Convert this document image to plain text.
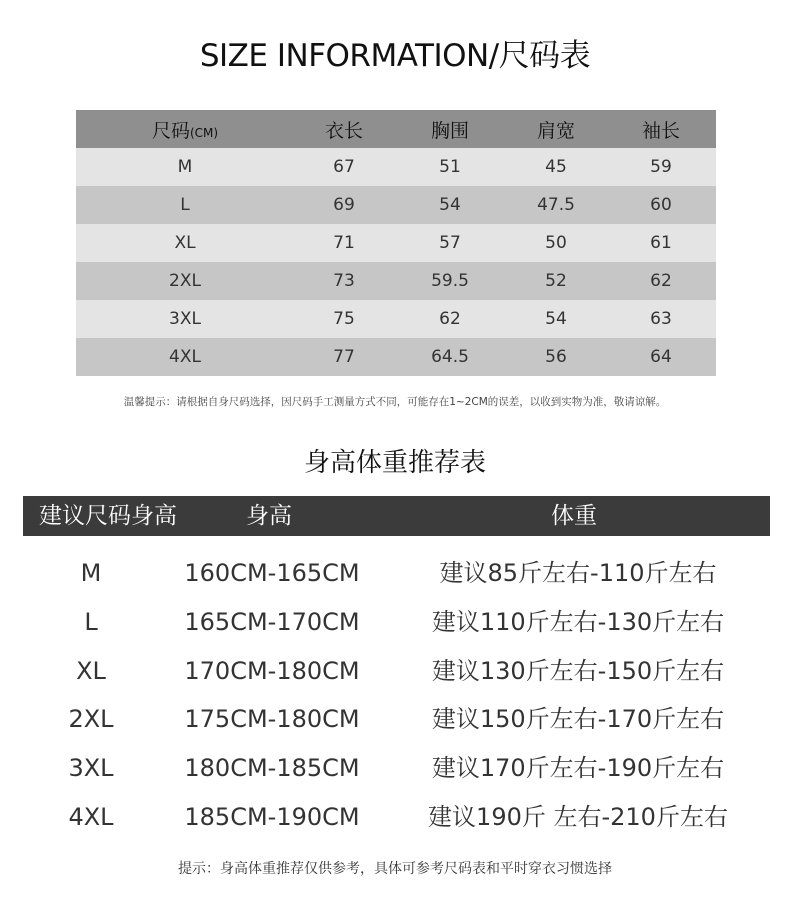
SIZE INFORMATION/尺码表
尺码(CM)	衣长	胸围	肩宽	袖长
M	67	51	45	59
L	69	54	47.5	60
XL	71	57	50	61
2XL	73	59.5	52	62
3XL	75	62	54	63
4XL	77	64.5	56	64
温馨提示：请根据自身尺码选择，因尺码手工测量方式不同，可能存在1~2CM的误差，以收到实物为准，敬请谅解。
身高体重推荐表
建议尺码身高	身高	体重
M	160CM-165CM	建议85斤左右-110斤左右
L	165CM-170CM	建议110斤左右-130斤左右
XL	170CM-180CM	建议130斤左右-150斤左右
2XL	175CM-180CM	建议150斤左右-170斤左右
3XL	180CM-185CM	建议170斤左右-190斤左右
4XL	185CM-190CM	建议190斤 左右-210斤左右
提示：身高体重推荐仅供参考，具体可参考尺码表和平时穿衣习惯选择
